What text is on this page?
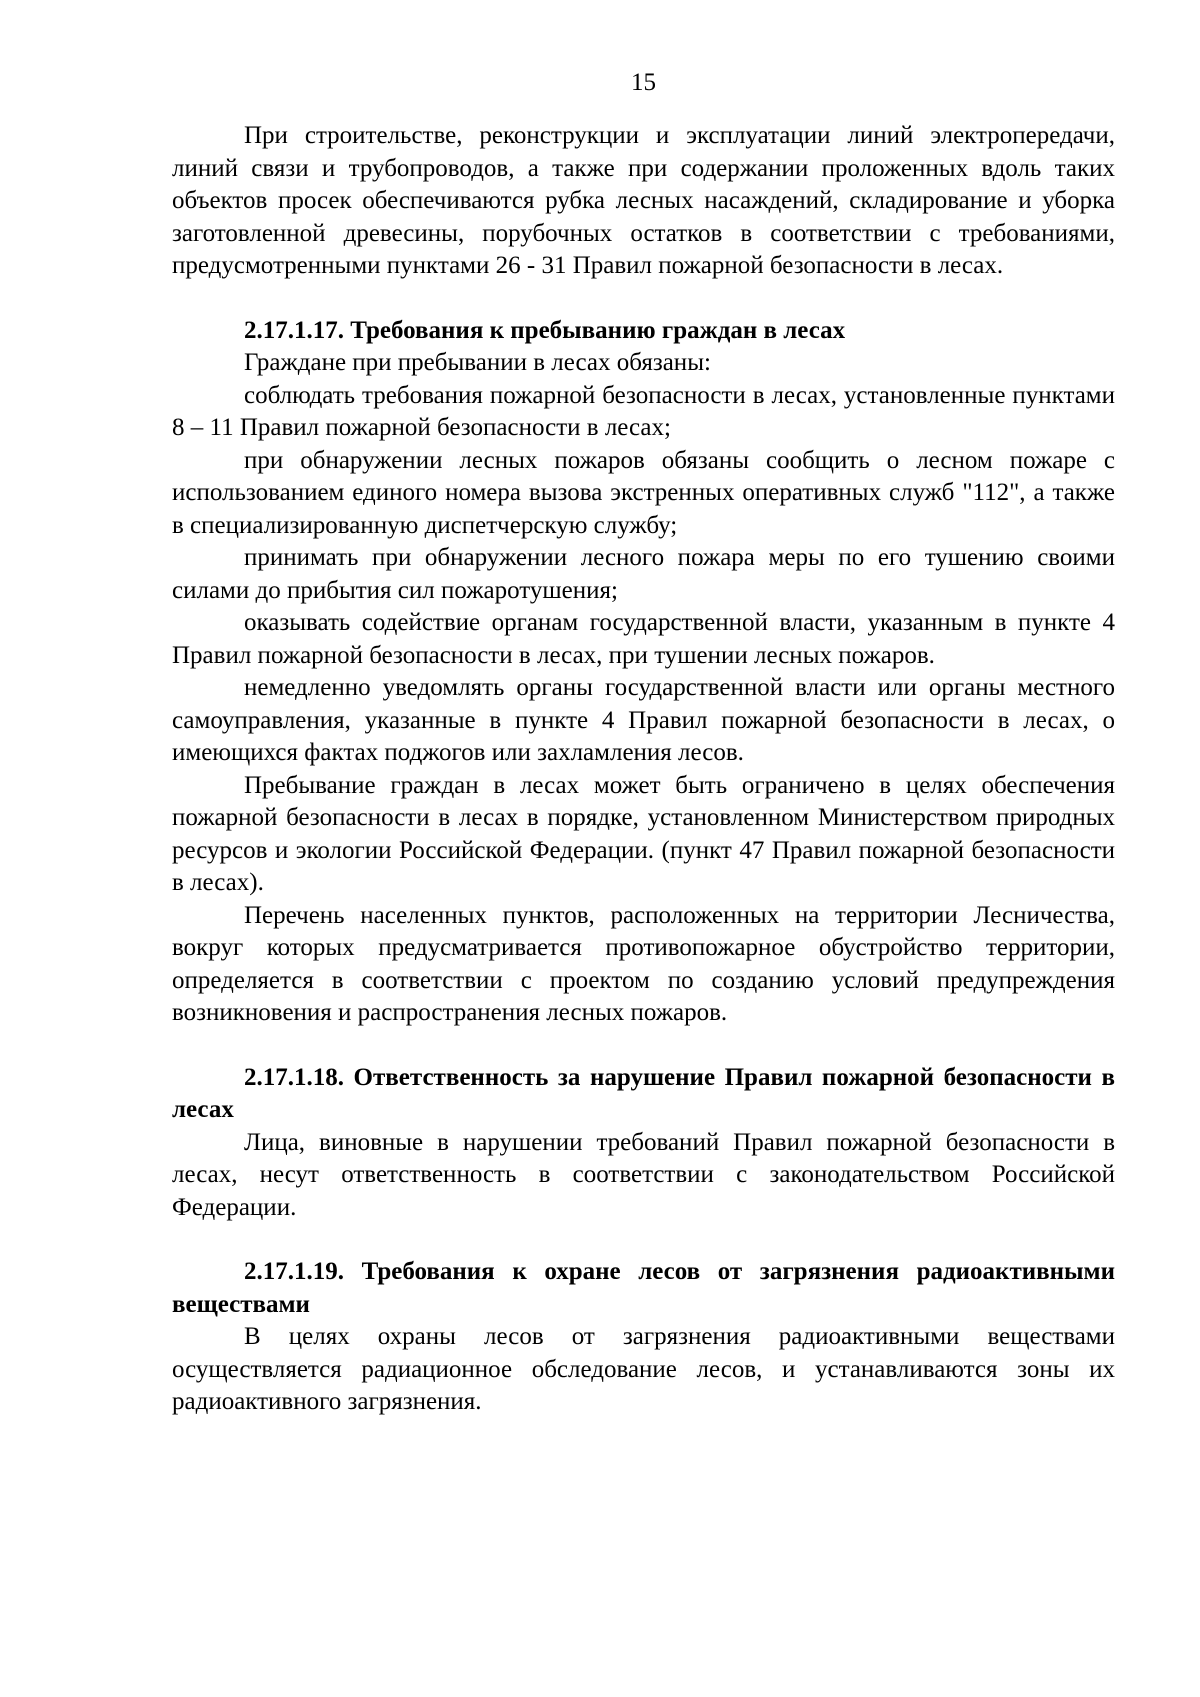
15

При строительстве, реконструкции и эксплуатации линий электропередачи, линий связи и трубопроводов, а также при содержании проложенных вдоль таких объектов просек обеспечиваются рубка лесных насаждений, складирование и уборка заготовленной древесины, порубочных остатков в соответствии с требованиями, предусмотренными пунктами 26 - 31 Правил пожарной безопасности в лесах.

2.17.1.17. Требования к пребыванию граждан в лесах

Граждане при пребывании в лесах обязаны:

соблюдать требования пожарной безопасности в лесах, установленные пунктами 8 – 11 Правил пожарной безопасности в лесах;

при обнаружении лесных пожаров обязаны сообщить о лесном пожаре с использованием единого номера вызова экстренных оперативных служб "112", а также в специализированную диспетчерскую службу;

принимать при обнаружении лесного пожара меры по его тушению своими силами до прибытия сил пожаротушения;

оказывать содействие органам государственной власти, указанным в пункте 4 Правил пожарной безопасности в лесах, при тушении лесных пожаров.

немедленно уведомлять органы государственной власти или органы местного самоуправления, указанные в пункте 4 Правил пожарной безопасности в лесах, о имеющихся фактах поджогов или захламления лесов.

Пребывание граждан в лесах может быть ограничено в целях обеспечения пожарной безопасности в лесах в порядке, установленном Министерством природных ресурсов и экологии Российской Федерации. (пункт 47 Правил пожарной безопасности в лесах).

Перечень населенных пунктов, расположенных на территории Лесничества, вокруг которых предусматривается противопожарное обустройство территории, определяется в соответствии с проектом по созданию условий предупреждения возникновения и распространения лесных пожаров.

2.17.1.18. Ответственность за нарушение Правил пожарной безопасности в лесах

Лица, виновные в нарушении требований Правил пожарной безопасности в лесах, несут ответственность в соответствии с законодательством Российской Федерации.

2.17.1.19. Требования к охране лесов от загрязнения радиоактивными веществами

В целях охраны лесов от загрязнения радиоактивными веществами осуществляется радиационное обследование лесов, и устанавливаются зоны их радиоактивного загрязнения.
